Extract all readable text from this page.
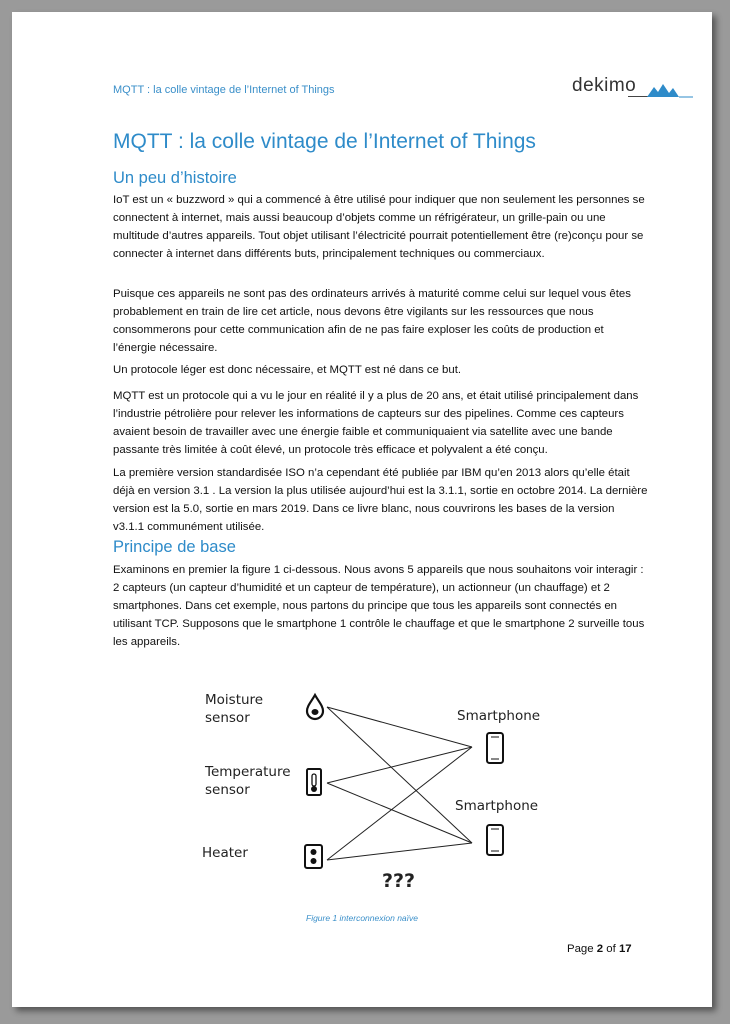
MQTT : la colle vintage de l’Internet of Things	dekimo
MQTT : la colle vintage de l’Internet of Things
Un peu d’histoire

IoT est un « buzzword » qui a commencé à être utilisé pour indiquer que non seulement les personnes se connectent à internet, mais aussi beaucoup d’objets comme un réfrigérateur, un grille-pain ou une multitude d’autres appareils. Tout objet utilisant l’électricité pourrait potentiellement être (re)conçu pour se connecter à internet dans différents buts, principalement techniques ou commerciaux.

Puisque ces appareils ne sont pas des ordinateurs arrivés à maturité comme celui sur lequel vous êtes probablement en train de lire cet article, nous devons être vigilants sur les ressources que nous consommerons pour cette communication afin de ne pas faire exploser les coûts de production et l’énergie nécessaire.

Un protocole léger est donc nécessaire, et MQTT est né dans ce but.

MQTT est un protocole qui a vu le jour en réalité il y a plus de 20 ans, et était utilisé principalement dans l’industrie pétrolière pour relever les informations de capteurs sur des pipelines. Comme ces capteurs avaient besoin de travailler avec une énergie faible et communiquaient via satellite avec une bande passante très limitée à coût élevé, un protocole très efficace et polyvalent a été conçu.

La première version standardisée ISO n’a cependant été publiée par IBM qu’en 2013 alors qu’elle était déjà en version 3.1 . La version la plus utilisée aujourd’hui est la 3.1.1, sortie en octobre 2014. La dernière version est la 5.0, sortie en mars 2019. Dans ce livre blanc, nous couvrirons les bases de la version v3.1.1 communément utilisée.

Principe de base

Examinons en premier la figure 1 ci-dessous. Nous avons 5 appareils que nous souhaitons voir interagir : 2 capteurs (un capteur d’humidité et un capteur de température), un actionneur (un chauffage) et 2 smartphones. Dans cet exemple, nous partons du principe que tous les appareils sont connectés en utilisant TCP. Supposons que le smartphone 1 contrôle le chauffage et que le smartphone 2 surveille tous les appareils.

Moisture
sensor
Temperature
sensor
Heater
Smartphone
Smartphone
???
Figure 1 interconnexion naïve
Page 2 of 17
